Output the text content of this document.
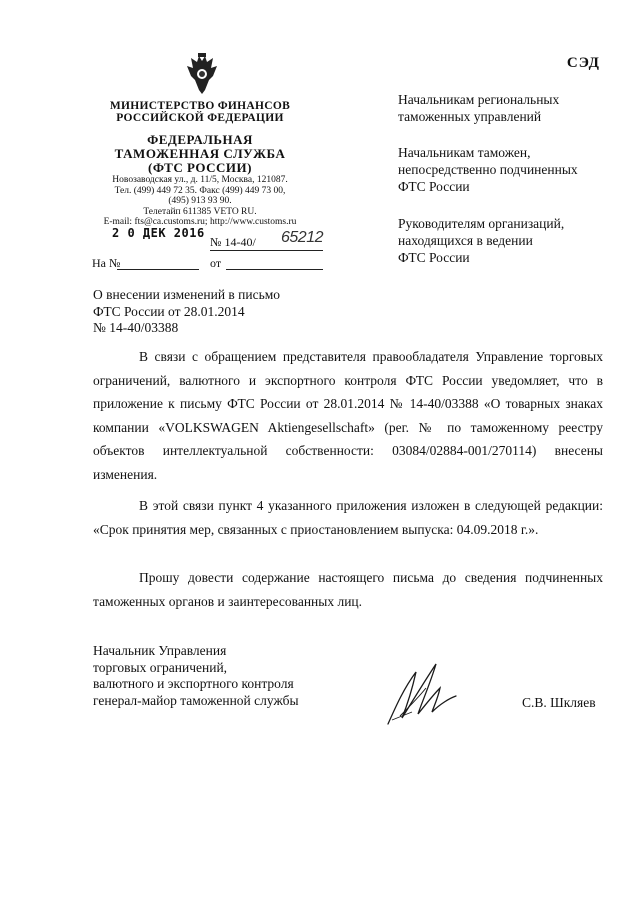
СЭД
МИНИСТЕРСТВО ФИНАНСОВ
РОССИЙСКОЙ ФЕДЕРАЦИИ
ФЕДЕРАЛЬНАЯ
ТАМОЖЕННАЯ СЛУЖБА
(ФТС РОССИИ)
Новозаводская ул., д. 11/5, Москва, 121087.
Тел. (499) 449 72 35. Факс (499) 449 73 00,
(495) 913 93 90.
Телетайп 611385 VETO RU.
E-mail: fts@ca.customs.ru; http://www.customs.ru
2 0 ДЕК 2016
№ 14-40/ 65212
На №	от
Начальникам региональных
таможенных управлений
Начальникам таможен,
непосредственно подчиненных
ФТС России
Руководителям организаций,
находящихся в ведении
ФТС России
О внесении изменений в письмо
ФТС России от 28.01.2014
№ 14-40/03388

В связи с обращением представителя правообладателя Управление торговых ограничений, валютного и экспортного контроля ФТС России уведомляет, что в приложение к письму ФТС России от 28.01.2014 № 14-40/03388 «О товарных знаках компании «VOLKSWAGEN Aktiengesellschaft» (рег. № по таможенному реестру объектов интеллектуальной собственности: 03084/02884-001/270114) внесены изменения.

В этой связи пункт 4 указанного приложения изложен в следующей редакции: «Срок принятия мер, связанных с приостановлением выпуска: 04.09.2018 г.».

Прошу довести содержание настоящего письма до сведения подчиненных таможенных органов и заинтересованных лиц.

Начальник Управления
торговых ограничений,
валютного и экспортного контроля
генерал-майор таможенной службы	С.В. Шкляев
